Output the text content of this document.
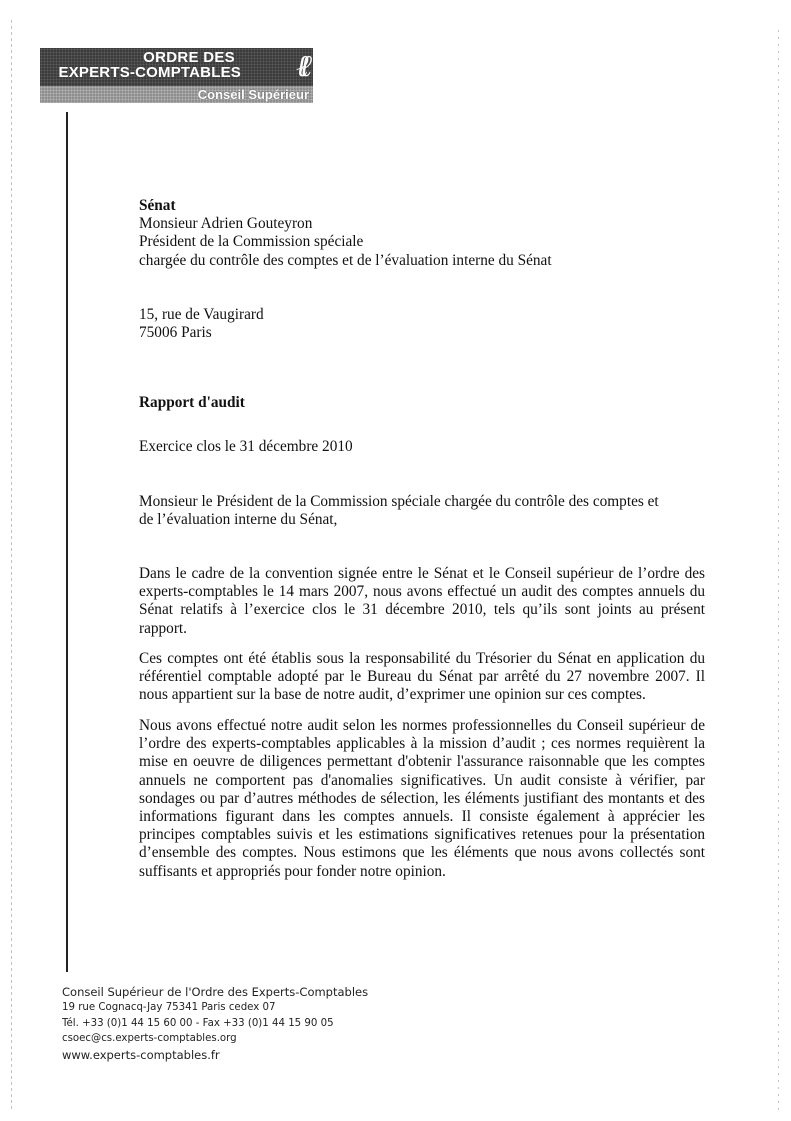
ORDRE DES
EXPERTS-COMPTABLES ℓℓ
Conseil Supérieur

Sénat

Monsieur Adrien Gouteyron

Président de la Commission spéciale

chargée du contrôle des comptes et de l’évaluation interne du Sénat

15, rue de Vaugirard

75006 Paris

Rapport d'audit
Exercice clos le 31 décembre 2010

Monsieur le Président de la Commission spéciale chargée du contrôle des comptes et

de l’évaluation interne du Sénat,

Dans le cadre de la convention signée entre le Sénat et le Conseil supérieur de l’ordre des experts-comptables le 14 mars 2007, nous avons effectué un audit des comptes annuels du Sénat relatifs à l’exercice clos le 31 décembre 2010, tels qu’ils sont joints au présent rapport.
Ces comptes ont été établis sous la responsabilité du Trésorier du Sénat en application du référentiel comptable adopté par le Bureau du Sénat par arrêté du 27 novembre 2007. Il nous appartient sur la base de notre audit, d’exprimer une opinion sur ces comptes.
Nous avons effectué notre audit selon les normes professionnelles du Conseil supérieur de l’ordre des experts-comptables applicables à la mission d’audit ; ces normes requièrent la mise en oeuvre de diligences permettant d'obtenir l'assurance raisonnable que les comptes annuels ne comportent pas d'anomalies significatives. Un audit consiste à vérifier, par sondages ou par d’autres méthodes de sélection, les éléments justifiant des montants et des informations figurant dans les comptes annuels. Il consiste également à apprécier les principes comptables suivis et les estimations significatives retenues pour la présentation d’ensemble des comptes. Nous estimons que les éléments que nous avons collectés sont suffisants et appropriés pour fonder notre opinion.
Conseil Supérieur de l'Ordre des Experts-Comptables
19 rue Cognacq-Jay 75341 Paris cedex 07
Tél. +33 (0)1 44 15 60 00 - Fax +33 (0)1 44 15 90 05
csoec@cs.experts-comptables.org
www.experts-comptables.fr
